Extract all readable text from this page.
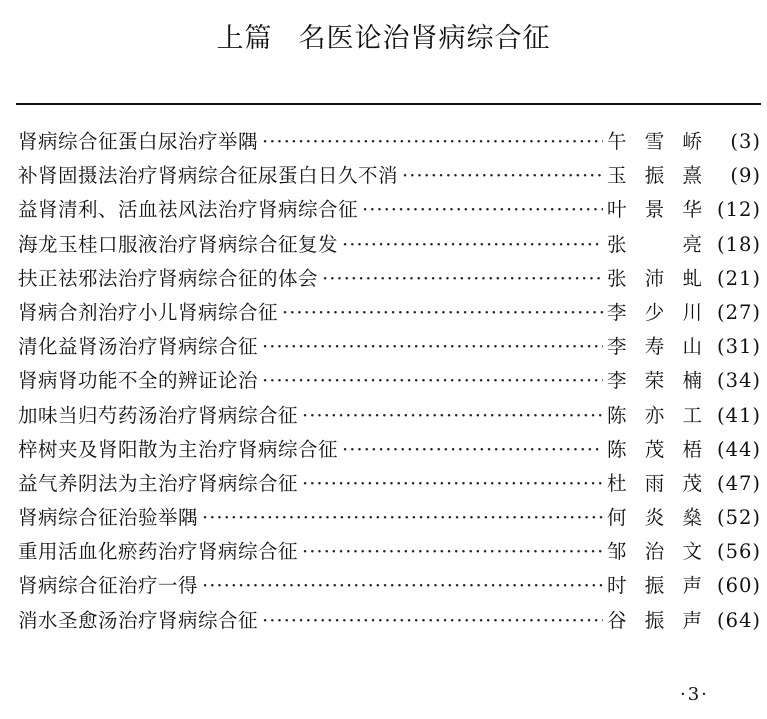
上篇 名医论治肾病综合征
肾病综合征蛋白尿治疗举隅 ·····	午雪峤	(3)
补肾固摄法治疗肾病综合征尿蛋白日久不消 ·····	玉振熹	(9)
益肾清利、活血祛风法治疗肾病综合征 ·····	叶景华 (12)
海龙玉桂口服液治疗肾病综合征复发 ·····	张　亮 (18)
扶正祛邪法治疗肾病综合征的体会 ·····	张沛虬 (21)
肾病合剂治疗小儿肾病综合征 ·····	李少川 (27)
清化益肾汤治疗肾病综合征 ·····	李寿山 (31)
肾病肾功能不全的辨证论治 ·····	李荣楠 (34)
加味当归芍药汤治疗肾病综合征 ·····	陈亦工 (41)
梓树夹及肾阳散为主治疗肾病综合征 ·····	陈茂梧 (44)
益气养阴法为主治疗肾病综合征 ·····	杜雨茂 (47)
肾病综合征治验举隅 ·····	何炎燊 (52)
重用活血化瘀药治疗肾病综合征 ·····	邹治文 (56)
肾病综合征治疗一得 ·····	时振声 (60)
消水圣愈汤治疗肾病综合征 ·····	谷振声 (64)
·3·
